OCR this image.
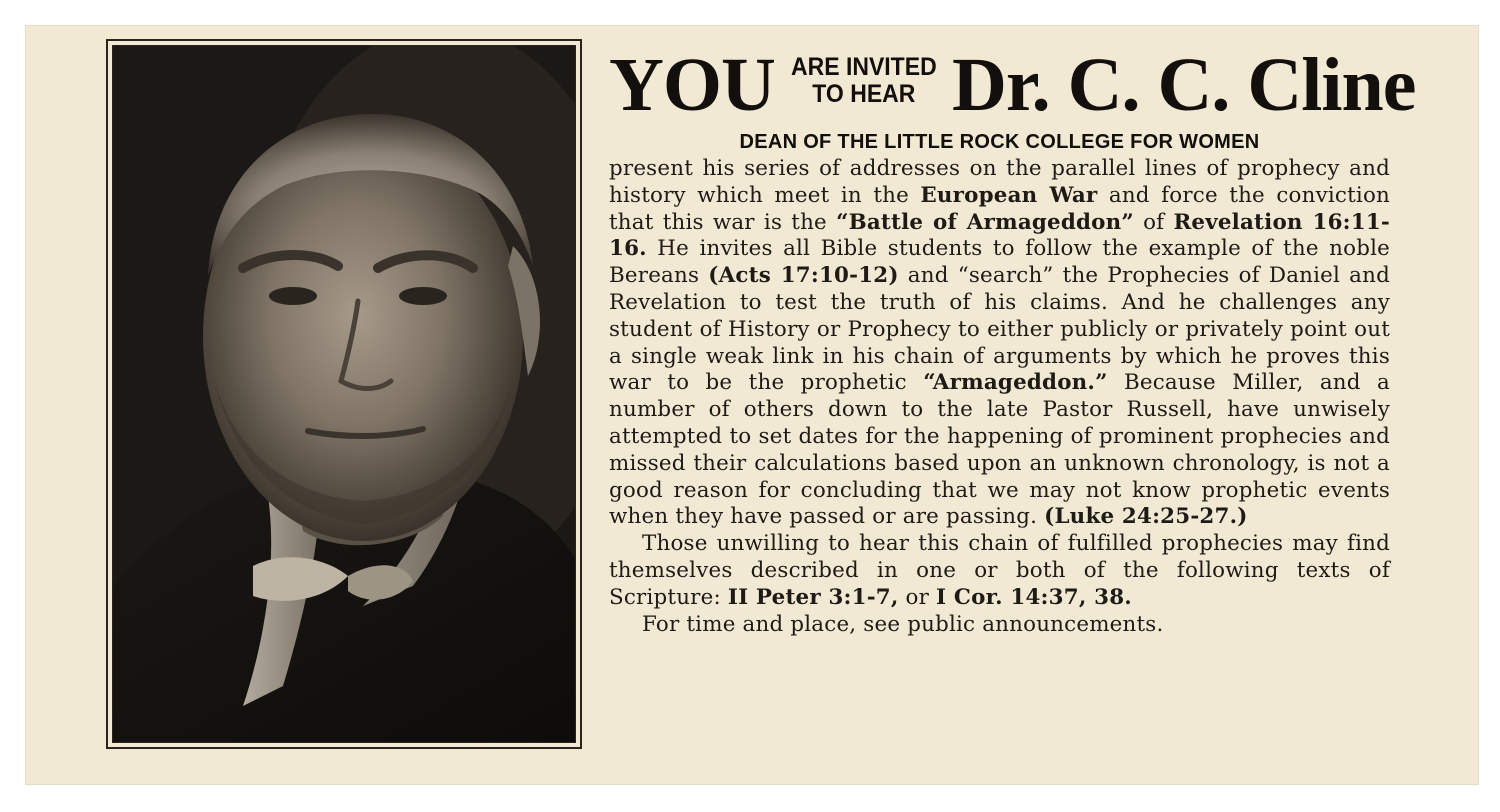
YOU ARE INVITED
TO HEAR Dr. C. C. Cline
DEAN OF THE LITTLE ROCK COLLEGE FOR WOMEN

present his series of addresses on the parallel lines of prophecy and history which meet in the European War and force the conviction that this war is the “Battle of Armageddon” of Revelation 16:11-16. He invites all Bible students to follow the example of the noble Bereans (Acts 17:10-12) and “search” the Prophecies of Daniel and Revelation to test the truth of his claims. And he challenges any student of History or Prophecy to either publicly or privately point out a single weak link in his chain of arguments by which he proves this war to be the prophetic “Armageddon.” Because Miller, and a number of others down to the late Pastor Russell, have unwisely attempted to set dates for the happening of prominent prophecies and missed their calculations based upon an unknown chronology, is not a good reason for concluding that we may not know prophetic events when they have passed or are passing. (Luke 24:25-27.)

Those unwilling to hear this chain of fulfilled prophecies may find themselves described in one or both of the following texts of Scripture: II Peter 3:1-7, or I Cor. 14:37, 38.

For time and place, see public announcements.
